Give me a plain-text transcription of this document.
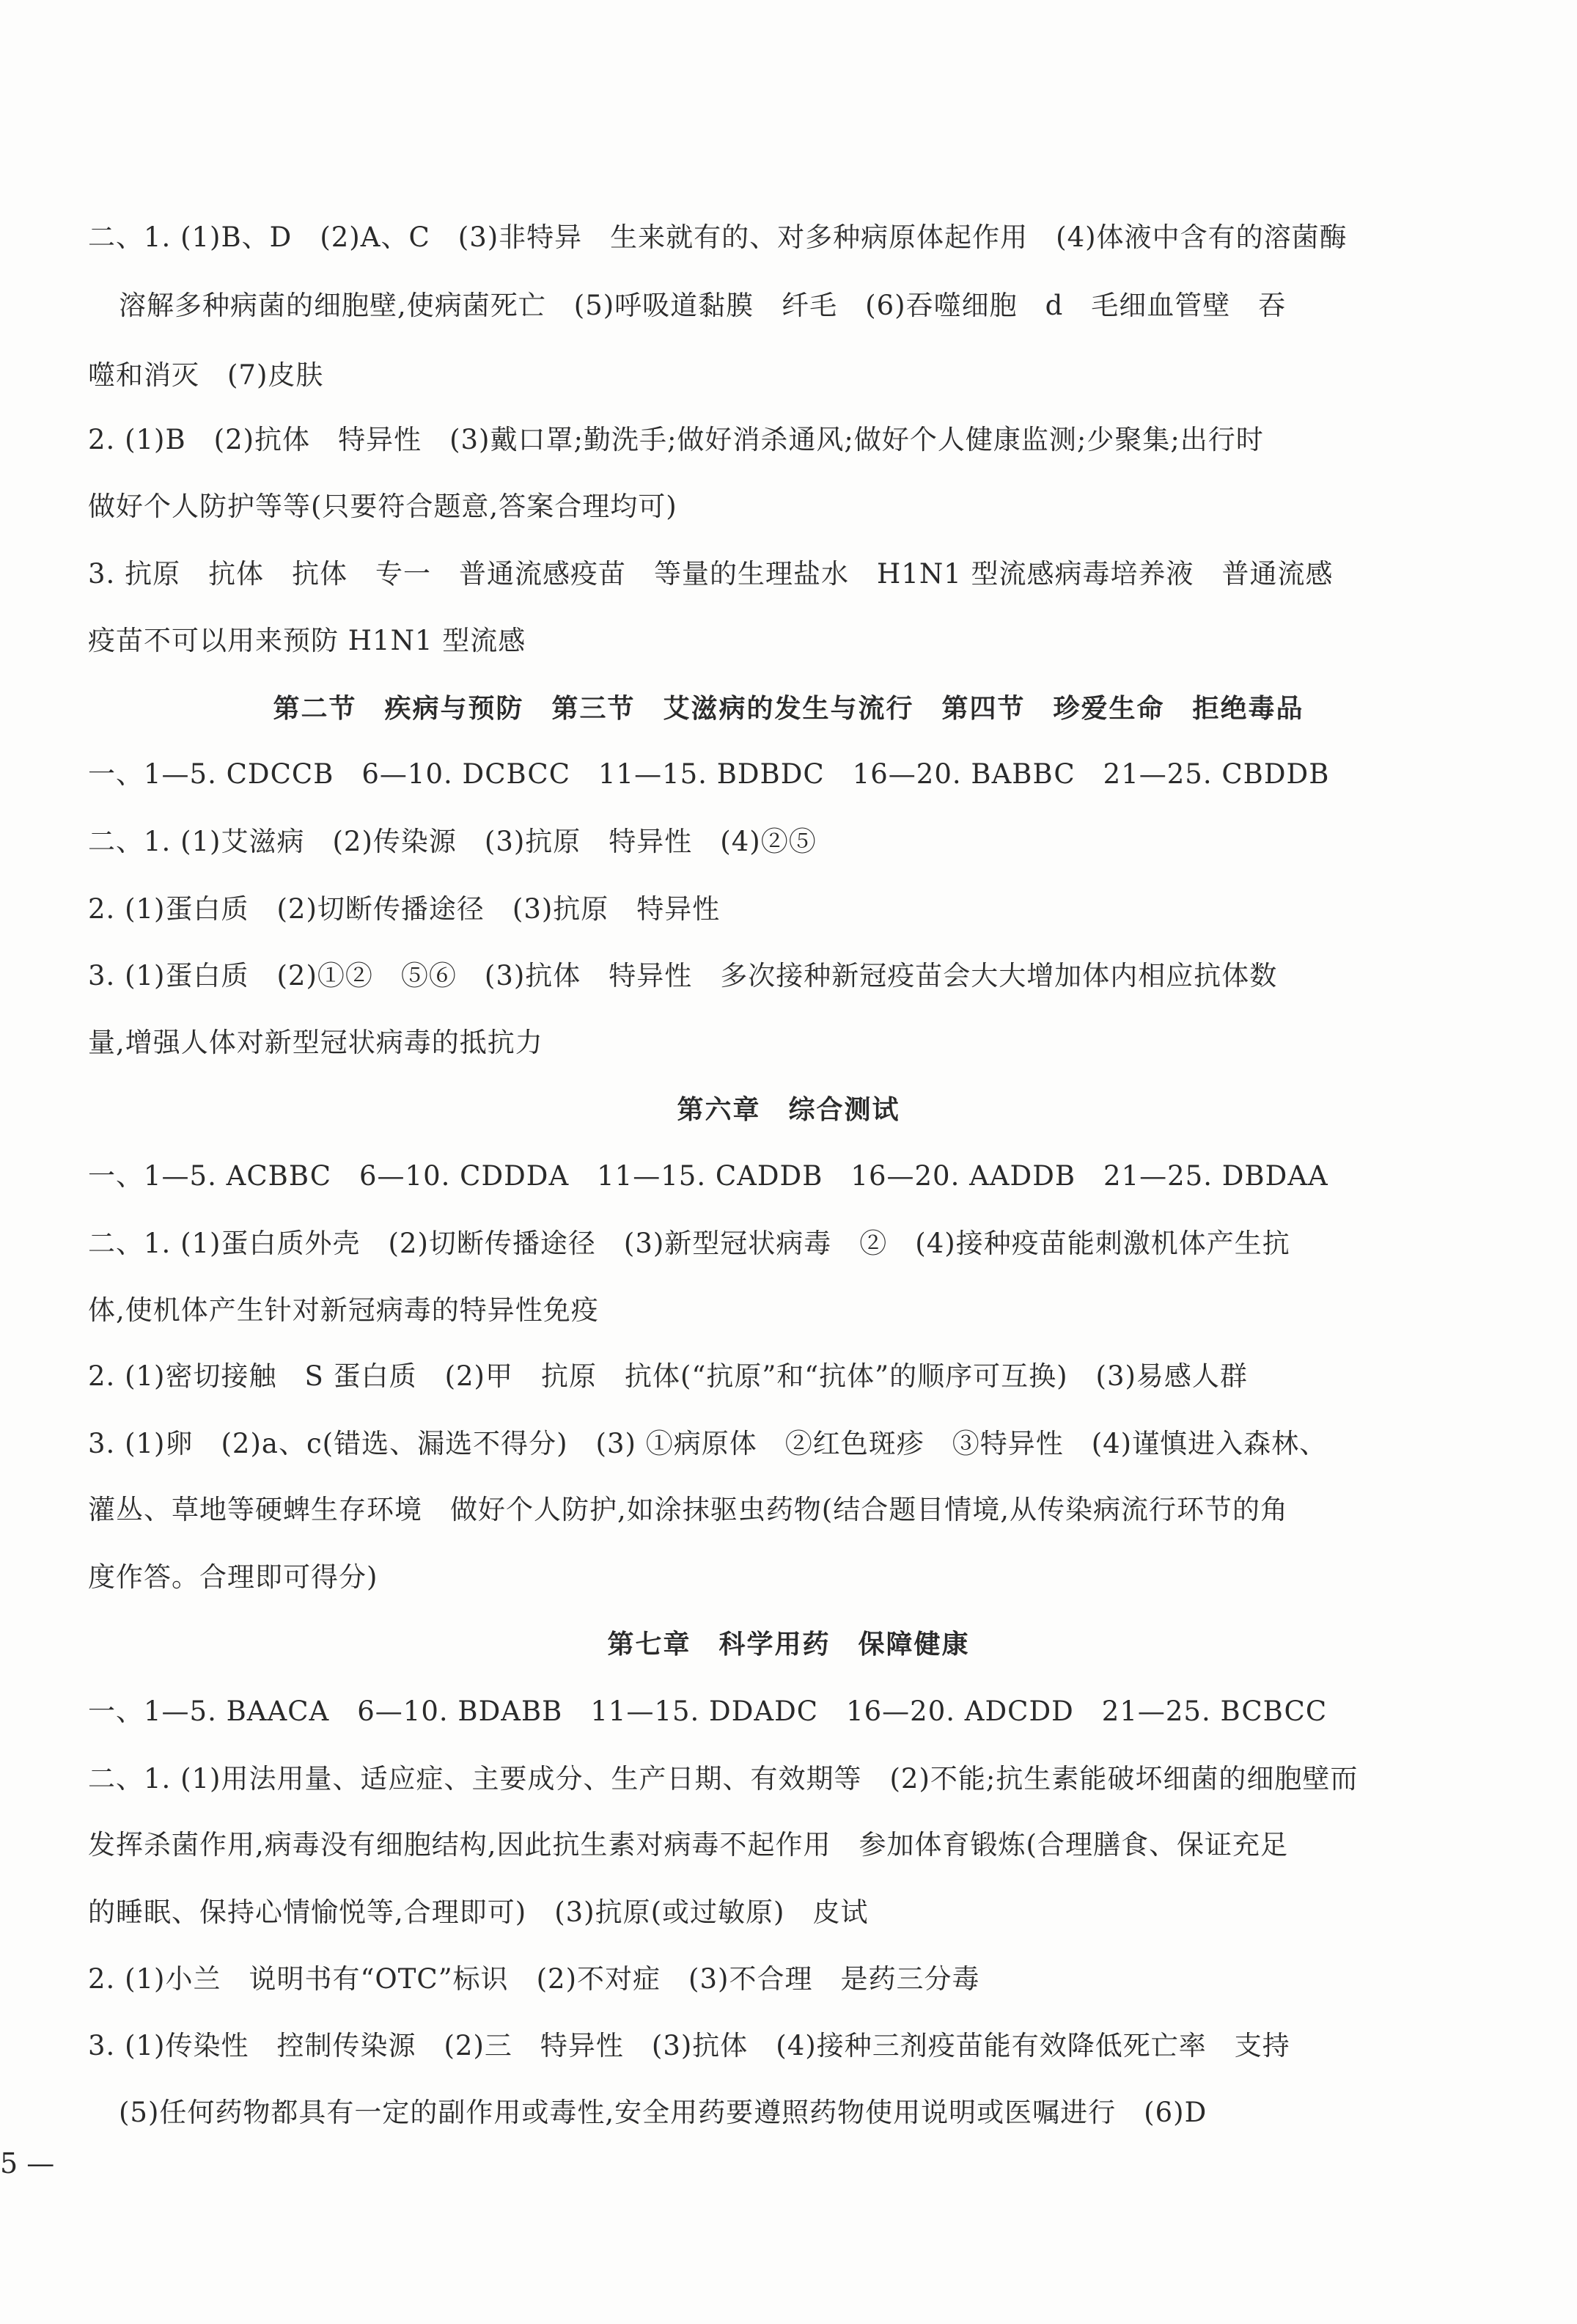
二、1. (1)B、D　(2)A、C　(3)非特异　生来就有的、对多种病原体起作用　(4)体液中含有的溶菌酶
溶解多种病菌的细胞壁,使病菌死亡　(5)呼吸道黏膜　纤毛　(6)吞噬细胞　d　毛细血管壁　吞
噬和消灭　(7)皮肤
2. (1)B　(2)抗体　特异性　(3)戴口罩;勤洗手;做好消杀通风;做好个人健康监测;少聚集;出行时
做好个人防护等等(只要符合题意,答案合理均可)
3. 抗原　抗体　抗体　专一　普通流感疫苗　等量的生理盐水　H1N1 型流感病毒培养液　普通流感
疫苗不可以用来预防 H1N1 型流感
第二节　疾病与预防　第三节　艾滋病的发生与流行　第四节　珍爱生命　拒绝毒品
一、1—5. CDCCB　6—10. DCBCC　11—15. BDBDC　16—20. BABBC　21—25. CBDDB
二、1. (1)艾滋病　(2)传染源　(3)抗原　特异性　(4)②⑤
2. (1)蛋白质　(2)切断传播途径　(3)抗原　特异性
3. (1)蛋白质　(2)①②　⑤⑥　(3)抗体　特异性　多次接种新冠疫苗会大大增加体内相应抗体数
量,增强人体对新型冠状病毒的抵抗力
第六章　综合测试
一、1—5. ACBBC　6—10. CDDDA　11—15. CADDB　16—20. AADDB　21—25. DBDAA
二、1. (1)蛋白质外壳　(2)切断传播途径　(3)新型冠状病毒　②　(4)接种疫苗能刺激机体产生抗
体,使机体产生针对新冠病毒的特异性免疫
2. (1)密切接触　S 蛋白质　(2)甲　抗原　抗体(“抗原”和“抗体”的顺序可互换)　(3)易感人群
3. (1)卵　(2)a、c(错选、漏选不得分)　(3) ①病原体　②红色斑疹　③特异性　(4)谨慎进入森林、
灌丛、草地等硬蜱生存环境　做好个人防护,如涂抹驱虫药物(结合题目情境,从传染病流行环节的角
度作答。合理即可得分)
第七章　科学用药　保障健康
一、1—5. BAACA　6—10. BDABB　11—15. DDADC　16—20. ADCDD　21—25. BCBCC
二、1. (1)用法用量、适应症、主要成分、生产日期、有效期等　(2)不能;抗生素能破坏细菌的细胞壁而
发挥杀菌作用,病毒没有细胞结构,因此抗生素对病毒不起作用　参加体育锻炼(合理膳食、保证充足
的睡眠、保持心情愉悦等,合理即可)　(3)抗原(或过敏原)　皮试
2. (1)小兰　说明书有“OTC”标识　(2)不对症　(3)不合理　是药三分毒
3. (1)传染性　控制传染源　(2)三　特异性　(3)抗体　(4)接种三剂疫苗能有效降低死亡率　支持
(5)任何药物都具有一定的副作用或毒性,安全用药要遵照药物使用说明或医嘱进行　(6)D
5 —
